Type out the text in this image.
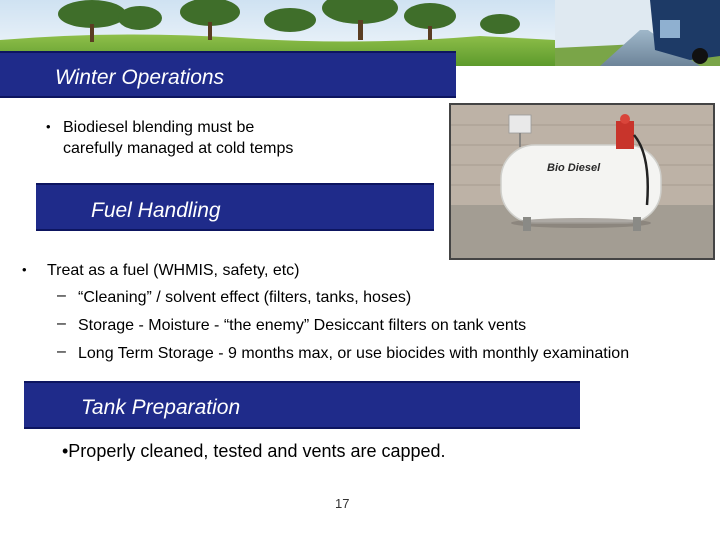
Winter Operations
• Biodiesel blending must be
carefully managed at cold temps
Bio Diesel
Fuel Handling
• Treat as a fuel (WHMIS, safety, etc)
– “Cleaning” / solvent effect (filters, tanks, hoses)
– Storage - Moisture - “the enemy” Desiccant filters on tank vents
– Long Term Storage - 9 months max, or use biocides with monthly examination
Tank Preparation
•Properly cleaned, tested and vents are capped.
17
